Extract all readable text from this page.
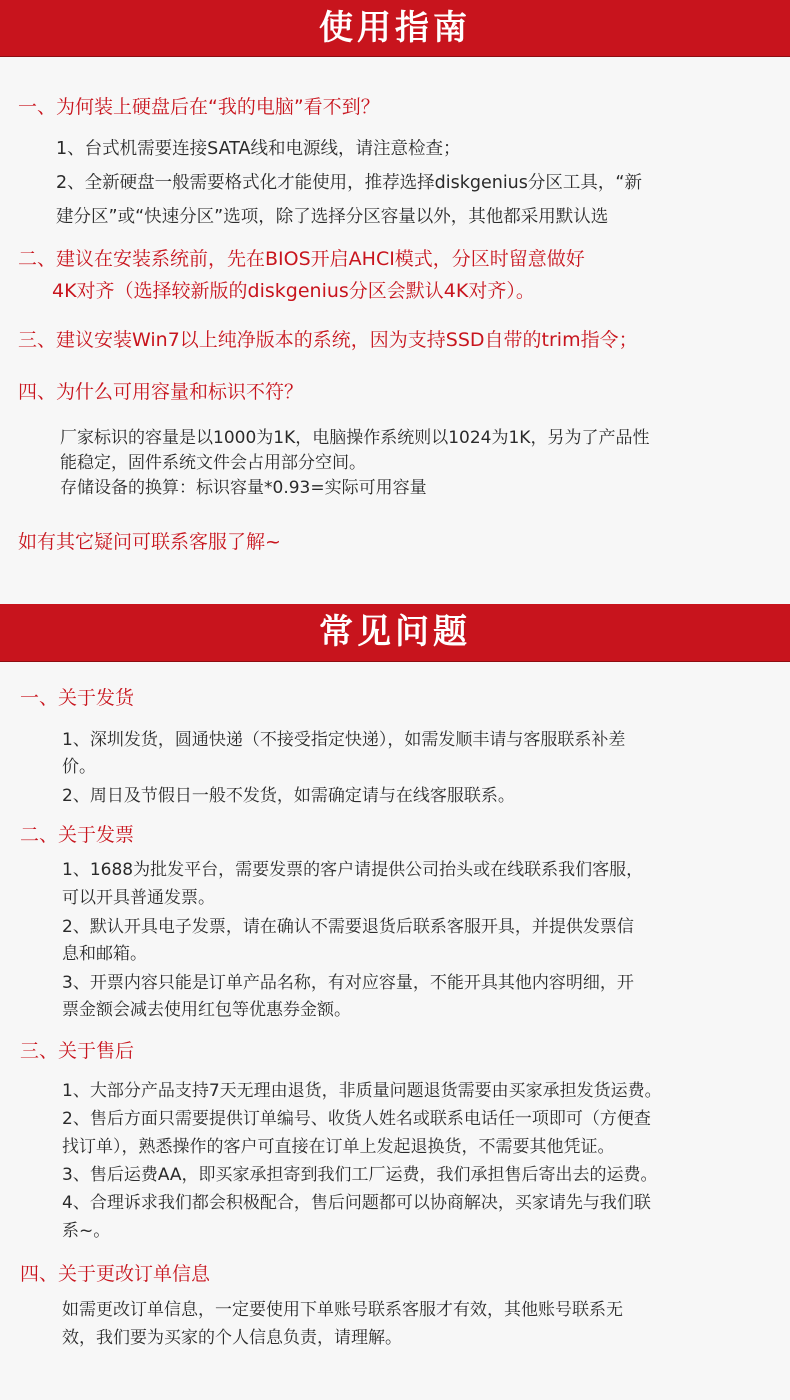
使用指南
一、为何装上硬盘后在“我的电脑”看不到？
1、台式机需要连接SATA线和电源线，请注意检查；
2、全新硬盘一般需要格式化才能使用，推荐选择diskgenius分区工具，“新
建分区”或“快速分区”选项，除了选择分区容量以外，其他都采用默认选
二、建议在安装系统前，先在BIOS开启AHCI模式，分区时留意做好
4K对齐（选择较新版的diskgenius分区会默认4K对齐）。
三、建议安装Win7以上纯净版本的系统，因为支持SSD自带的trim指令；
四、为什么可用容量和标识不符？
厂家标识的容量是以1000为1K，电脑操作系统则以1024为1K，另为了产品性
能稳定，固件系统文件会占用部分空间。
存储设备的换算：标识容量*0.93=实际可用容量
如有其它疑问可联系客服了解~
常见问题
一、关于发货
1、深圳发货，圆通快递（不接受指定快递），如需发顺丰请与客服联系补差
价。
2、周日及节假日一般不发货，如需确定请与在线客服联系。
二、关于发票
1、1688为批发平台，需要发票的客户请提供公司抬头或在线联系我们客服，
可以开具普通发票。
2、默认开具电子发票，请在确认不需要退货后联系客服开具，并提供发票信
息和邮箱。
3、开票内容只能是订单产品名称，有对应容量，不能开具其他内容明细，开
票金额会减去使用红包等优惠券金额。
三、关于售后
1、大部分产品支持7天无理由退货，非质量问题退货需要由买家承担发货运费。
2、售后方面只需要提供订单编号、收货人姓名或联系电话任一项即可（方便查
找订单），熟悉操作的客户可直接在订单上发起退换货，不需要其他凭证。
3、售后运费AA，即买家承担寄到我们工厂运费，我们承担售后寄出去的运费。
4、合理诉求我们都会积极配合，售后问题都可以协商解决，买家请先与我们联
系~。
四、关于更改订单信息
如需更改订单信息，一定要使用下单账号联系客服才有效，其他账号联系无
效，我们要为买家的个人信息负责，请理解。
